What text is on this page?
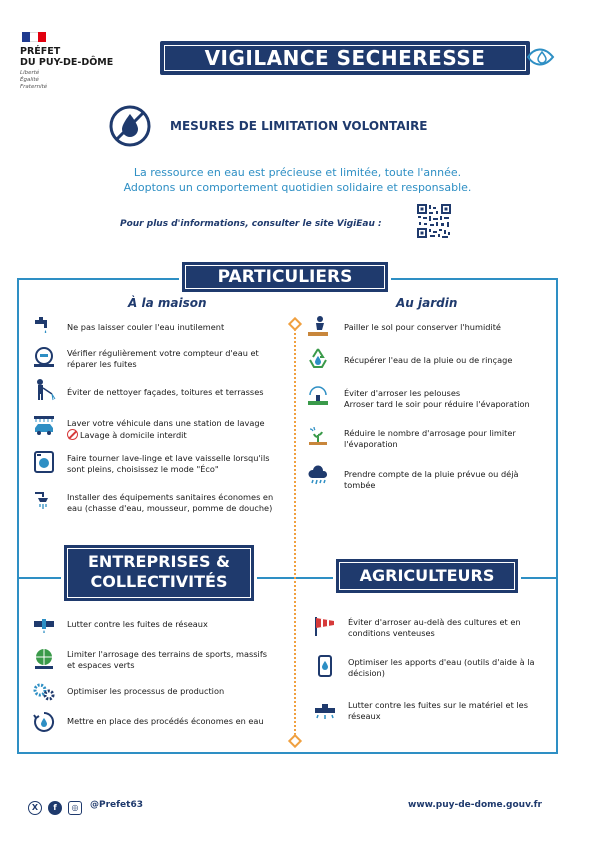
PRÉFET
DU PUY-DE-DÔME
Liberté
Égalité
Fraternité
VIGILANCE SECHERESSE
MESURES DE LIMITATION VOLONTAIRE
La ressource en eau est précieuse et limitée, toute l'année.
Adoptons un comportement quotidien solidaire et responsable.
Pour plus d'informations, consulter le site VigiEau :
PARTICULIERS
À la maison	Au jardin
Ne pas laisser couler l'eau inutilement
Vérifier régulièrement votre compteur d'eau et réparer les fuites
Éviter de nettoyer façades, toitures et terrasses
Laver votre véhicule dans une station de lavage
Lavage à domicile interdit
Faire tourner lave-linge et lave vaisselle lorsqu'ils sont pleins, choisissez le mode "Éco"
Installer des équipements sanitaires économes en eau (chasse d'eau, mousseur, pomme de douche)
Pailler le sol pour conserver l'humidité
Récupérer l'eau de la pluie ou de rinçage
Éviter d'arroser les pelouses
Arroser tard le soir pour réduire l'évaporation
Réduire le nombre d'arrosage pour limiter l'évaporation
Prendre compte de la pluie prévue ou déjà tombée
ENTREPRISES &
COLLECTIVITÉS
Lutter contre les fuites de réseaux
Limiter l'arrosage des terrains de sports, massifs et espaces verts
Optimiser les processus de production
Mettre en place des procédés économes en eau
AGRICULTEURS
Éviter d'arroser au-delà des cultures et en conditions venteuses
Optimiser les apports d'eau (outils d'aide à la décision)
Lutter contre les fuites sur le matériel et les réseaux
X	f	◎	@Prefet63	www.puy-de-dome.gouv.fr
